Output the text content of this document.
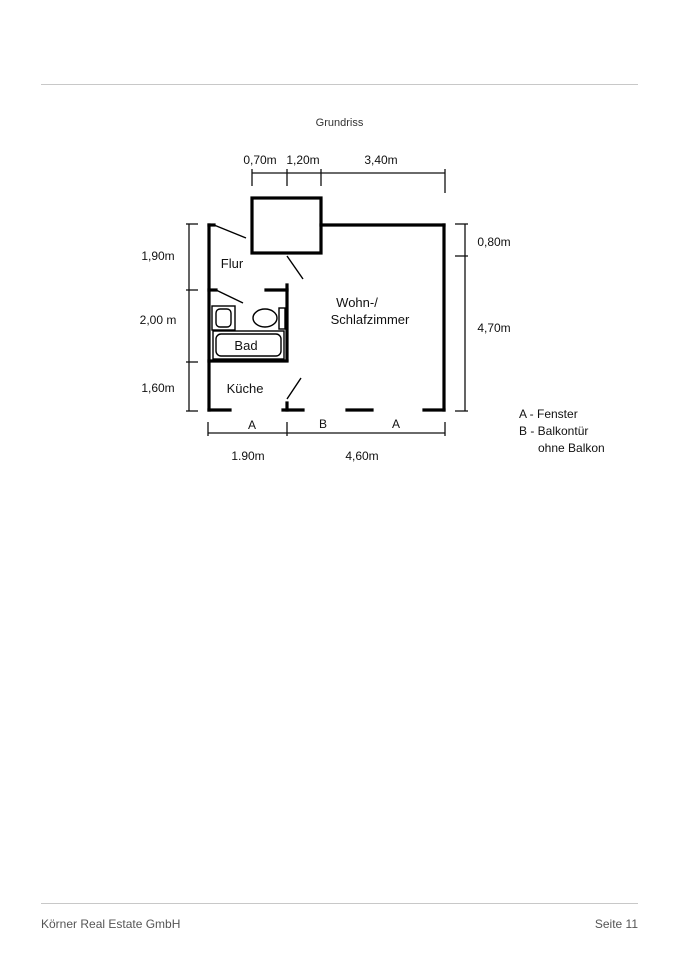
Grundriss
0,70m 1,20m	3,40m
1,90m
2,00 m
1,60m
0,80m
4,70m
A	B	A
1.90m	4,60m
Flur
Bad
Küche
Wohn-/
Schlafzimmer
A - Fenster
B - Balkontür
ohne Balkon
Körner Real Estate GmbH	Seite 11
